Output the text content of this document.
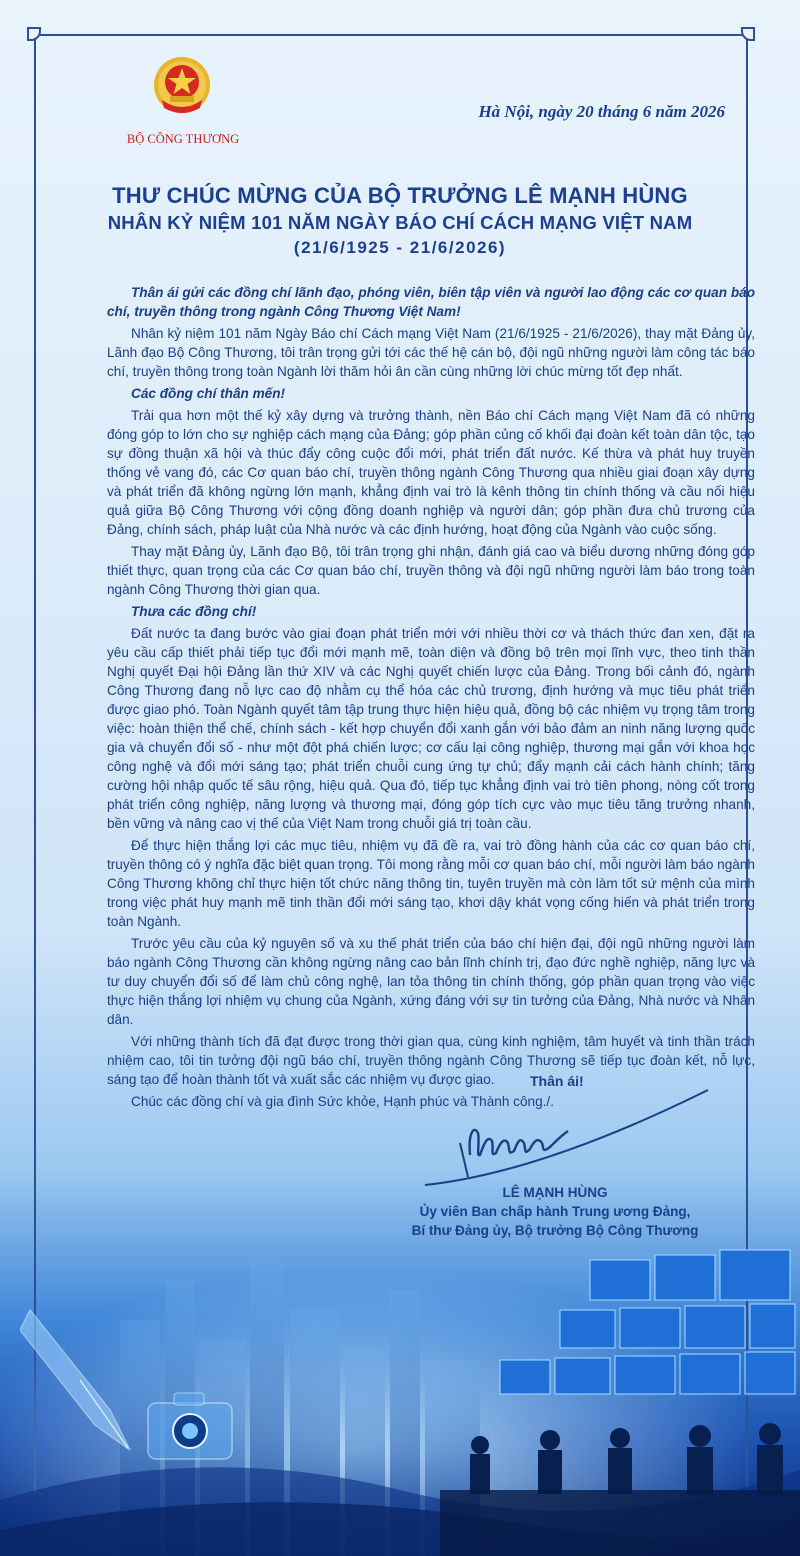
BỘ CÔNG THƯƠNG
Hà Nội, ngày 20 tháng 6 năm 2026
THƯ CHÚC MỪNG CỦA BỘ TRƯỞNG LÊ MẠNH HÙNG
NHÂN KỶ NIỆM 101 NĂM NGÀY BÁO CHÍ CÁCH MẠNG VIỆT NAM
(21/6/1925 - 21/6/2026)

Thân ái gửi các đồng chí lãnh đạo, phóng viên, biên tập viên và người lao động các cơ quan báo chí, truyền thông trong ngành Công Thương Việt Nam!

Nhân kỷ niệm 101 năm Ngày Báo chí Cách mạng Việt Nam (21/6/1925 - 21/6/2026), thay mặt Đảng ủy, Lãnh đạo Bộ Công Thương, tôi trân trọng gửi tới các thế hệ cán bộ, đội ngũ những người làm công tác báo chí, truyền thông trong toàn Ngành lời thăm hỏi ân cần cùng những lời chúc mừng tốt đẹp nhất.

Các đồng chí thân mến!

Trải qua hơn một thế kỷ xây dựng và trưởng thành, nền Báo chí Cách mạng Việt Nam đã có những đóng góp to lớn cho sự nghiệp cách mạng của Đảng; góp phần củng cố khối đại đoàn kết toàn dân tộc, tạo sự đồng thuận xã hội và thúc đẩy công cuộc đổi mới, phát triển đất nước. Kế thừa và phát huy truyền thống vẻ vang đó, các Cơ quan báo chí, truyền thông ngành Công Thương qua nhiều giai đoạn xây dựng và phát triển đã không ngừng lớn mạnh, khẳng định vai trò là kênh thông tin chính thống và cầu nối hiệu quả giữa Bộ Công Thương với cộng đồng doanh nghiệp và người dân; góp phần đưa chủ trương của Đảng, chính sách, pháp luật của Nhà nước và các định hướng, hoạt động của Ngành vào cuộc sống.

Thay mặt Đảng ủy, Lãnh đạo Bộ, tôi trân trọng ghi nhận, đánh giá cao và biểu dương những đóng góp thiết thực, quan trọng của các Cơ quan báo chí, truyền thông và đội ngũ những người làm báo trong toàn ngành Công Thương thời gian qua.

Thưa các đồng chí!

Đất nước ta đang bước vào giai đoạn phát triển mới với nhiều thời cơ và thách thức đan xen, đặt ra yêu cầu cấp thiết phải tiếp tục đổi mới mạnh mẽ, toàn diện và đồng bộ trên mọi lĩnh vực, theo tinh thần Nghị quyết Đại hội Đảng lần thứ XIV và các Nghị quyết chiến lược của Đảng. Trong bối cảnh đó, ngành Công Thương đang nỗ lực cao độ nhằm cụ thể hóa các chủ trương, định hướng và mục tiêu phát triển được giao phó. Toàn Ngành quyết tâm tập trung thực hiện hiệu quả, đồng bộ các nhiệm vụ trọng tâm trong việc: hoàn thiện thể chế, chính sách - kết hợp chuyển đổi xanh gắn với bảo đảm an ninh năng lượng quốc gia và chuyển đổi số - như một đột phá chiến lược; cơ cấu lại công nghiệp, thương mại gắn với khoa học công nghệ và đổi mới sáng tạo; phát triển chuỗi cung ứng tự chủ; đẩy mạnh cải cách hành chính; tăng cường hội nhập quốc tế sâu rộng, hiệu quả. Qua đó, tiếp tục khẳng định vai trò tiên phong, nòng cốt trong phát triển công nghiệp, năng lượng và thương mại, đóng góp tích cực vào mục tiêu tăng trưởng nhanh, bền vững và nâng cao vị thế của Việt Nam trong chuỗi giá trị toàn cầu.

Để thực hiện thắng lợi các mục tiêu, nhiệm vụ đã đề ra, vai trò đồng hành của các cơ quan báo chí, truyền thông có ý nghĩa đặc biệt quan trọng. Tôi mong rằng mỗi cơ quan báo chí, mỗi người làm báo ngành Công Thương không chỉ thực hiện tốt chức năng thông tin, tuyên truyền mà còn làm tốt sứ mệnh của mình trong việc phát huy mạnh mẽ tinh thần đổi mới sáng tạo, khơi dậy khát vọng cống hiến và phát triển trong toàn Ngành.

Trước yêu cầu của kỷ nguyên số và xu thế phát triển của báo chí hiện đại, đội ngũ những người làm báo ngành Công Thương cần không ngừng nâng cao bản lĩnh chính trị, đạo đức nghề nghiệp, năng lực và tư duy chuyển đổi số để làm chủ công nghệ, lan tỏa thông tin chính thống, góp phần quan trọng vào việc thực hiện thắng lợi nhiệm vụ chung của Ngành, xứng đáng với sự tin tưởng của Đảng, Nhà nước và Nhân dân.

Với những thành tích đã đạt được trong thời gian qua, cùng kinh nghiệm, tâm huyết và tinh thần trách nhiệm cao, tôi tin tưởng đội ngũ báo chí, truyền thông ngành Công Thương sẽ tiếp tục đoàn kết, nỗ lực, sáng tạo để hoàn thành tốt và xuất sắc các nhiệm vụ được giao.

Chúc các đồng chí và gia đình Sức khỏe, Hạnh phúc và Thành công./.

Thân ái!
LÊ MẠNH HÙNG
